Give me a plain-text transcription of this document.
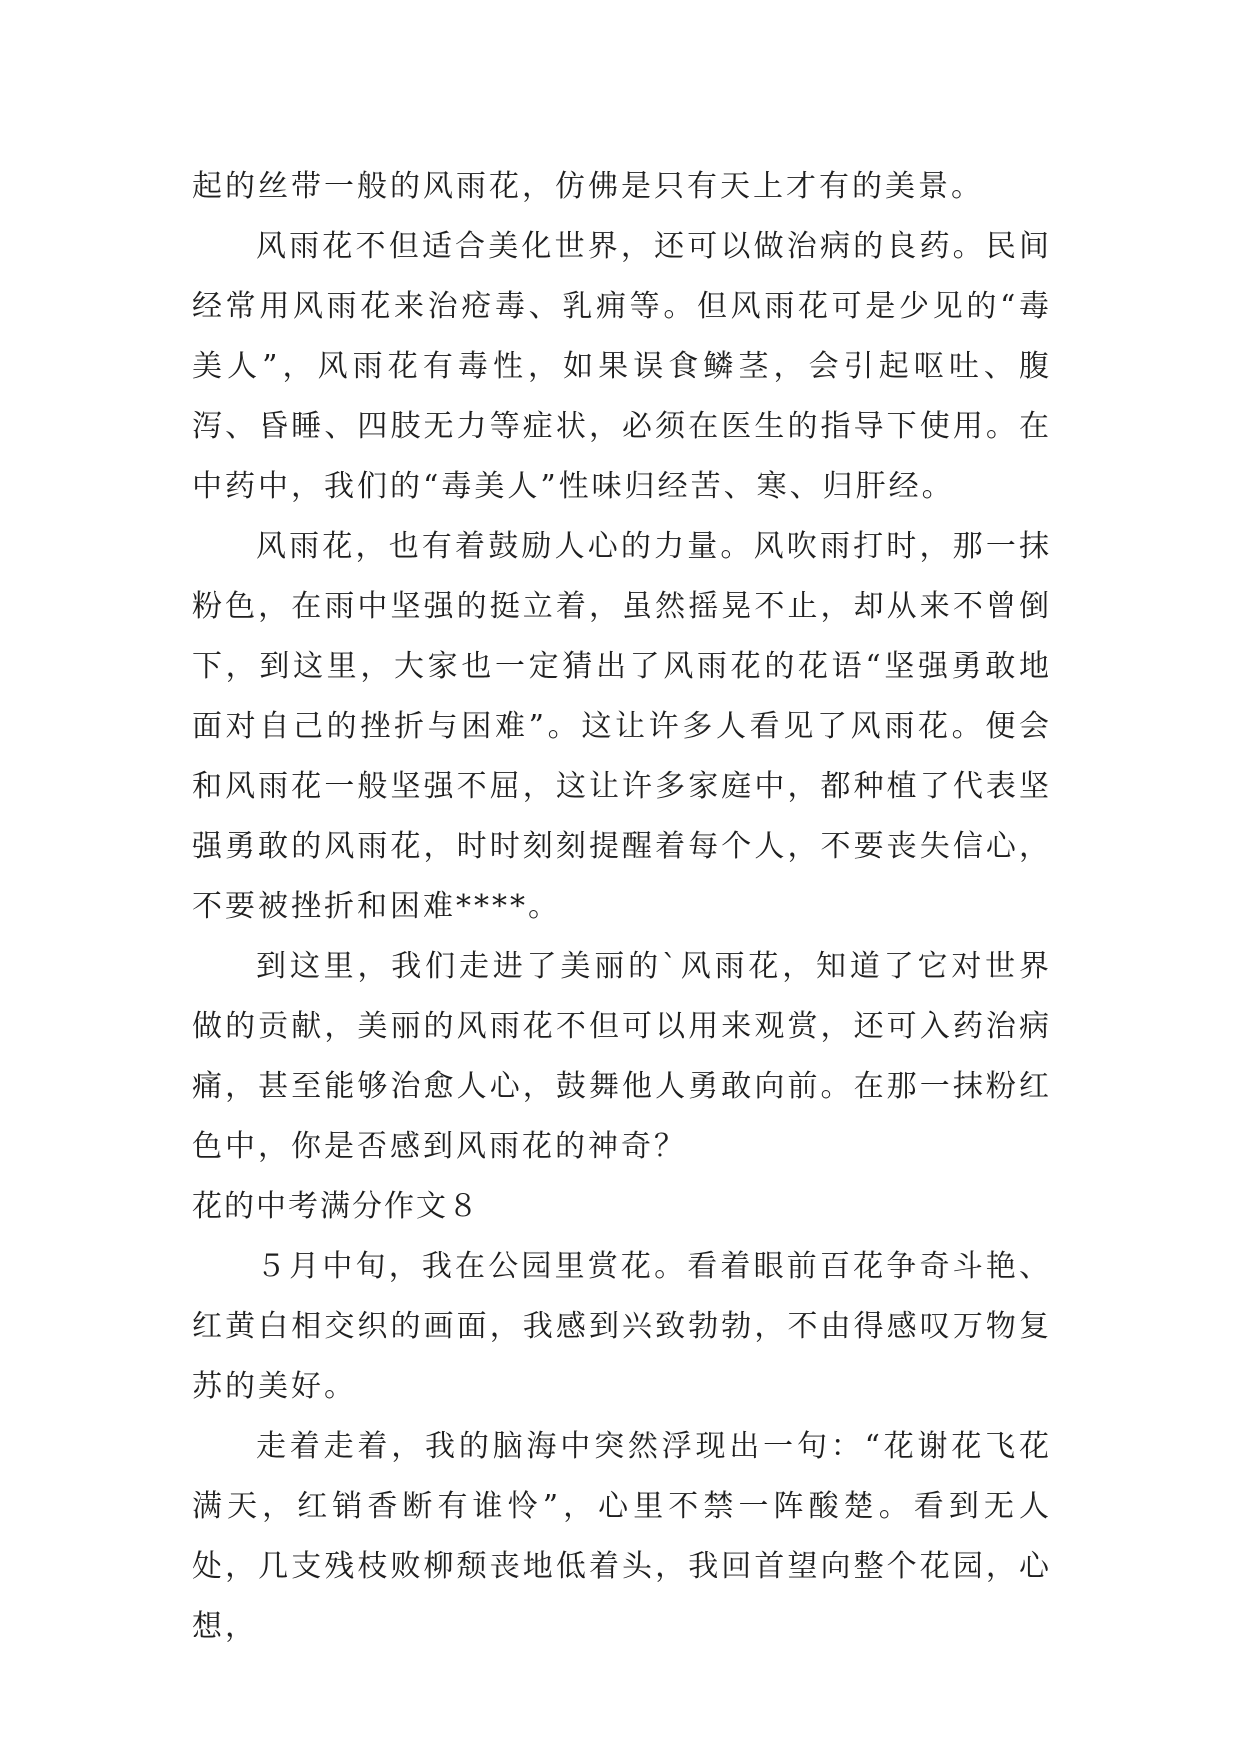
起的丝带一般的风雨花，仿佛是只有天上才有的美景。

风雨花不但适合美化世界，还可以做治病的良药。民间经常用风雨花来治疮毒、乳痈等。但风雨花可是少见的“毒美人”，风雨花有毒性，如果误食鳞茎，会引起呕吐、腹泻、昏睡、四肢无力等症状，必须在医生的指导下使用。在中药中，我们的“毒美人”性味归经苦、寒、归肝经。

风雨花，也有着鼓励人心的力量。风吹雨打时，那一抹粉色，在雨中坚强的挺立着，虽然摇晃不止，却从来不曾倒下，到这里，大家也一定猜出了风雨花的花语“坚强勇敢地面对自己的挫折与困难”。这让许多人看见了风雨花。便会和风雨花一般坚强不屈，这让许多家庭中，都种植了代表坚强勇敢的风雨花，时时刻刻提醒着每个人，不要丧失信心，不要被挫折和困难****。

到这里，我们走进了美丽的`风雨花，知道了它对世界做的贡献，美丽的风雨花不但可以用来观赏，还可入药治病痛，甚至能够治愈人心，鼓舞他人勇敢向前。在那一抹粉红色中，你是否感到风雨花的神奇？

花的中考满分作文８

５月中旬，我在公园里赏花。看着眼前百花争奇斗艳、红黄白相交织的画面，我感到兴致勃勃，不由得感叹万物复苏的美好。

走着走着，我的脑海中突然浮现出一句：“花谢花飞花满天，红销香断有谁怜”，心里不禁一阵酸楚。看到无人处，几支残枝败柳颓丧地低着头，我回首望向整个花园，心想，
